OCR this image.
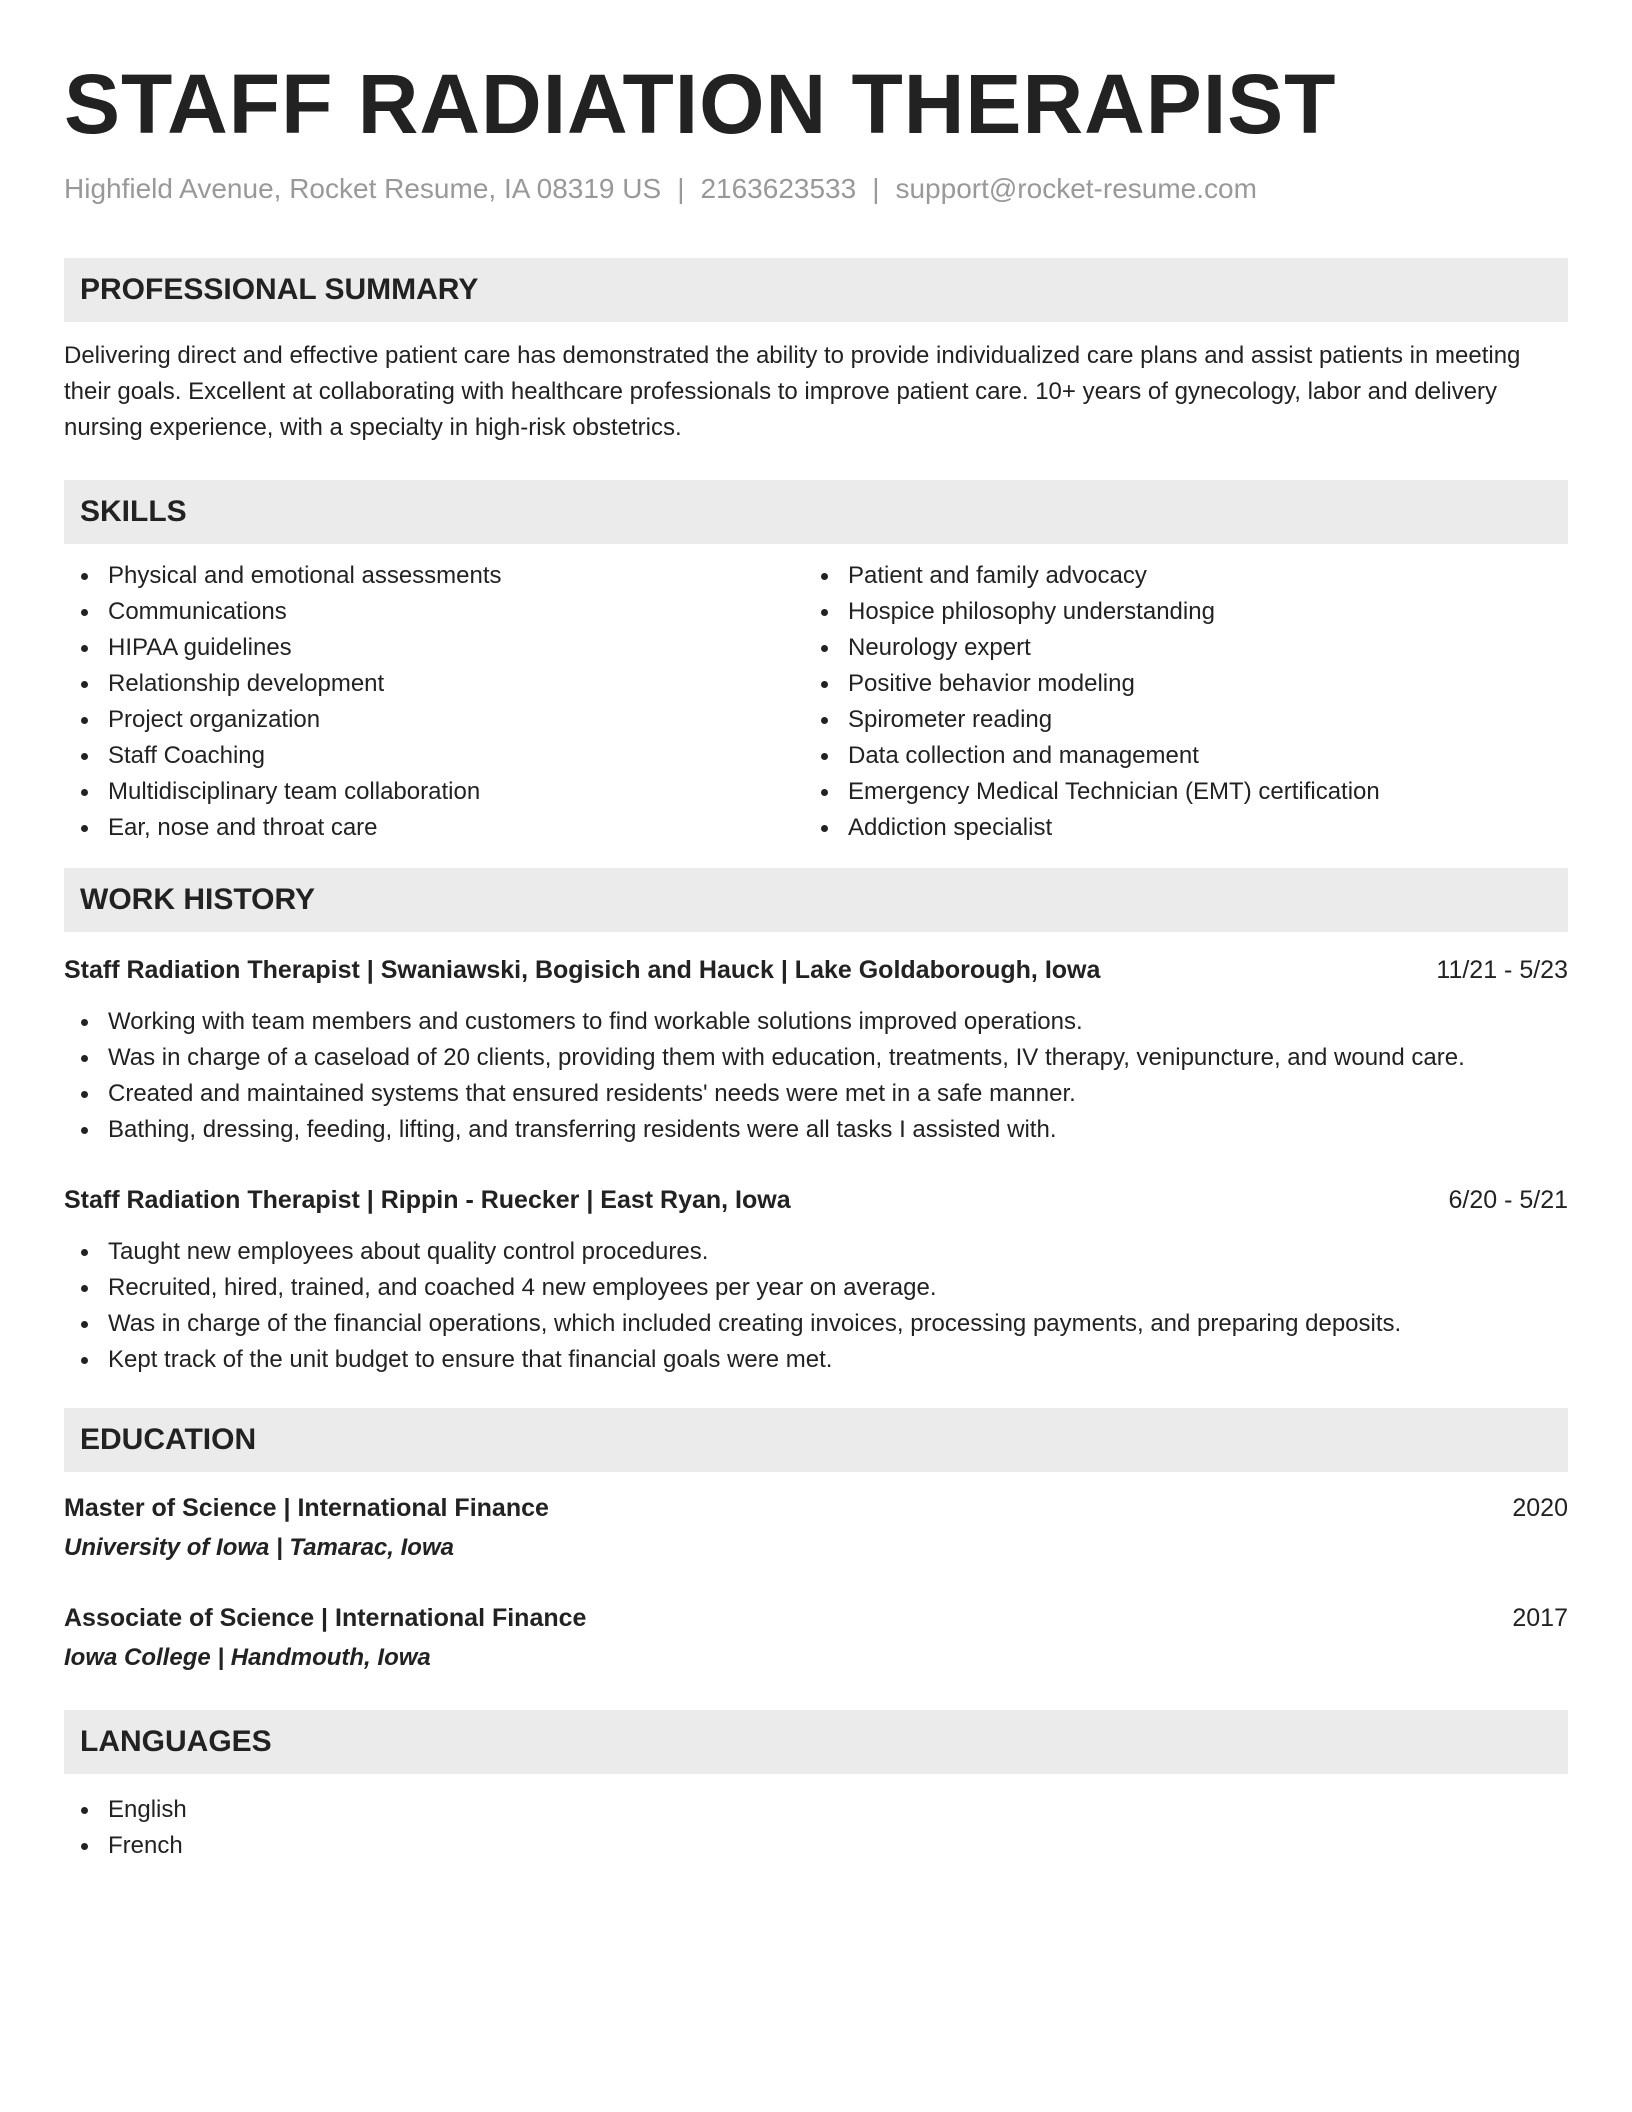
STAFF RADIATION THERAPIST
Highfield Avenue, Rocket Resume, IA 08319 US | 2163623533 | support@rocket-resume.com
PROFESSIONAL SUMMARY

Delivering direct and effective patient care has demonstrated the ability to provide individualized care plans and assist patients in meeting their goals. Excellent at collaborating with healthcare professionals to improve patient care. 10+ years of gynecology, labor and delivery nursing experience, with a specialty in high-risk obstetrics.

SKILLS
Physical and emotional assessments
Communications
HIPAA guidelines
Relationship development
Project organization
Staff Coaching
Multidisciplinary team collaboration
Ear, nose and throat care
Patient and family advocacy
Hospice philosophy understanding
Neurology expert
Positive behavior modeling
Spirometer reading
Data collection and management
Emergency Medical Technician (EMT) certification
Addiction specialist
WORK HISTORY
Staff Radiation Therapist | Swaniawski, Bogisich and Hauck | Lake Goldaborough, Iowa	11/21 - 5/23
Working with team members and customers to find workable solutions improved operations.
Was in charge of a caseload of 20 clients, providing them with education, treatments, IV therapy, venipuncture, and wound care.
Created and maintained systems that ensured residents' needs were met in a safe manner.
Bathing, dressing, feeding, lifting, and transferring residents were all tasks I assisted with.
Staff Radiation Therapist | Rippin - Ruecker | East Ryan, Iowa	6/20 - 5/21
Taught new employees about quality control procedures.
Recruited, hired, trained, and coached 4 new employees per year on average.
Was in charge of the financial operations, which included creating invoices, processing payments, and preparing deposits.
Kept track of the unit budget to ensure that financial goals were met.
EDUCATION
Master of Science | International Finance	2020
University of Iowa | Tamarac, Iowa
Associate of Science | International Finance	2017
Iowa College | Handmouth, Iowa
LANGUAGES
English
French
